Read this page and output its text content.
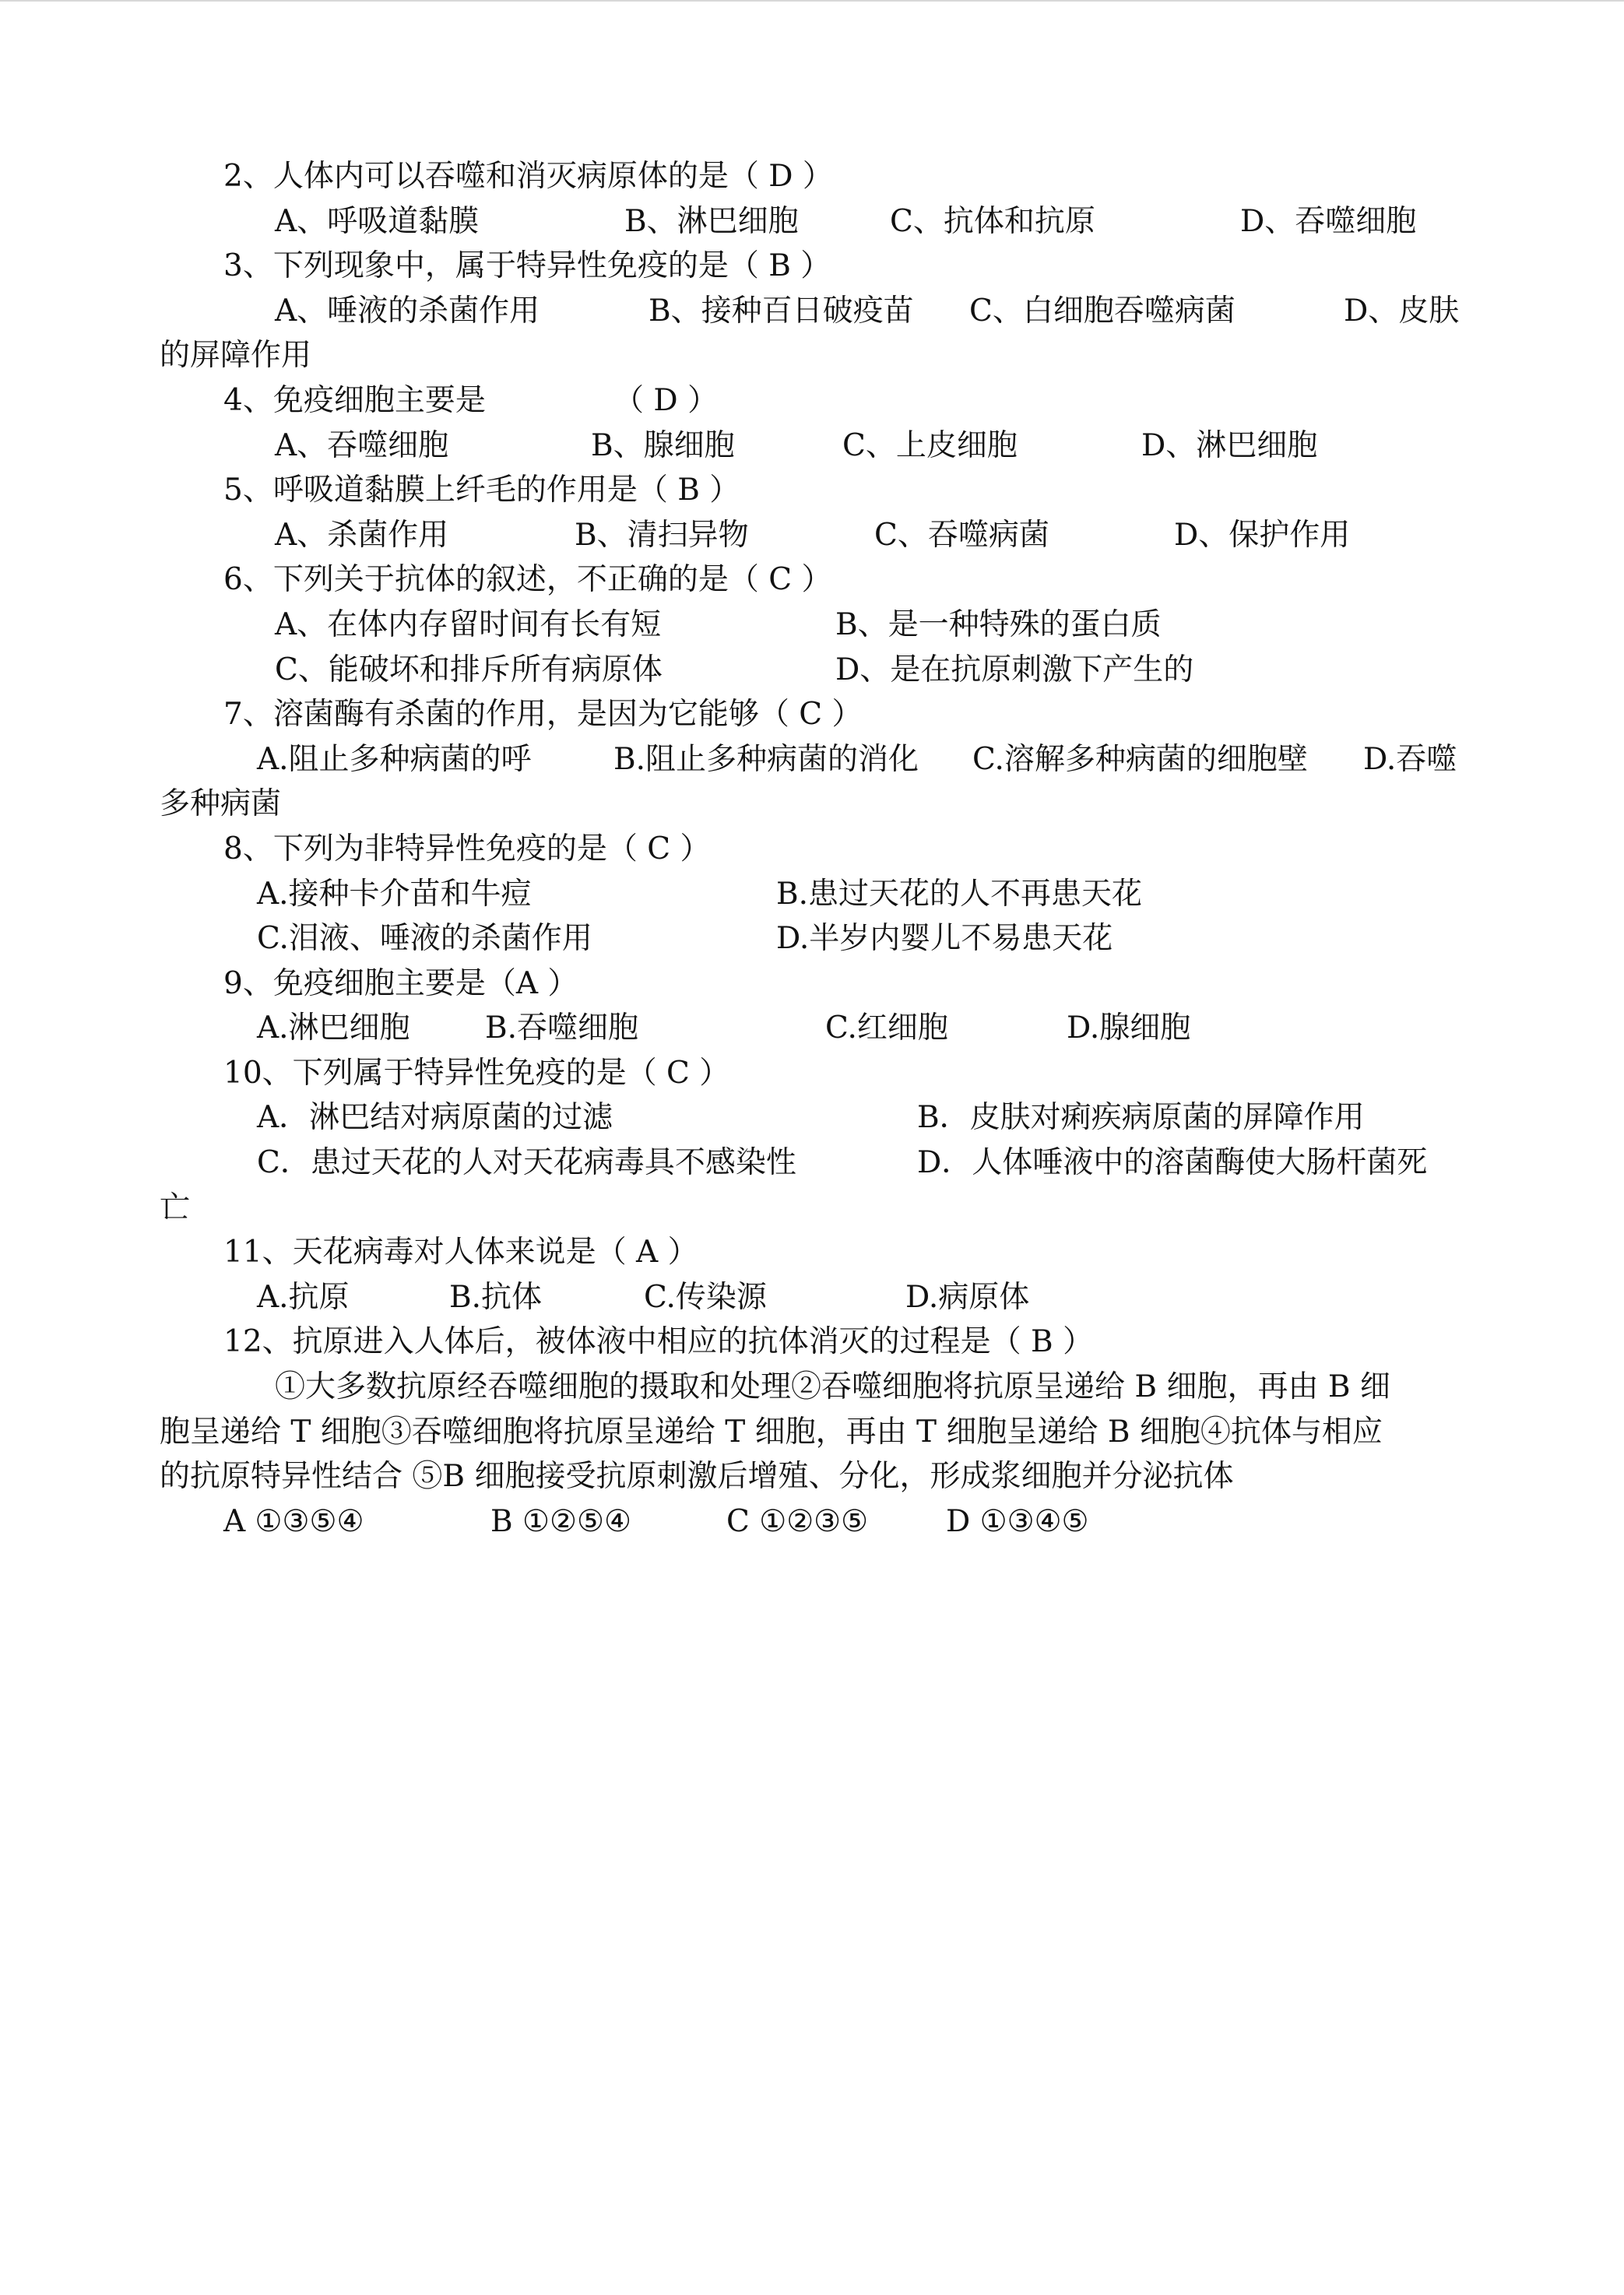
2、人体内可以吞噬和消灭病原体的是（ D ）
A、呼吸道黏膜	B、淋巴细胞	C、抗体和抗原	D、吞噬细胞
3、下列现象中，属于特异性免疫的是（ B ）
A、唾液的杀菌作用	B、接种百日破疫苗 C、白细胞吞噬病菌	D、皮肤
的屏障作用
4、免疫细胞主要是	（ D ）
A、吞噬细胞	B、腺细胞	C、上皮细胞	D、淋巴细胞
5、呼吸道黏膜上纤毛的作用是（ B ）
A、杀菌作用	B、清扫异物	C、吞噬病菌	D、保护作用
6、下列关于抗体的叙述，不正确的是（ C ）
A、在体内存留时间有长有短	B、是一种特殊的蛋白质
C、能破坏和排斥所有病原体	D、是在抗原刺激下产生的
7、溶菌酶有杀菌的作用，是因为它能够（ C ）
A.阻止多种病菌的呼	B.阻止多种病菌的消化 C.溶解多种病菌的细胞壁 D.吞噬
多种病菌
8、下列为非特异性免疫的是（ C ）
A.接种卡介苗和牛痘	B.患过天花的人不再患天花
C.泪液、唾液的杀菌作用	D.半岁内婴儿不易患天花
9、免疫细胞主要是（A ）
A.淋巴细胞 B.吞噬细胞	C.红细胞	D.腺细胞
10、下列属于特异性免疫的是（ C ）
A．淋巴结对病原菌的过滤	B．皮肤对痢疾病原菌的屏障作用
C．患过天花的人对天花病毒具不感染性	D．人体唾液中的溶菌酶使大肠杆菌死
亡
11、天花病毒对人体来说是（ A ）
A.抗原	B.抗体	C.传染源	D.病原体
12、抗原进入人体后，被体液中相应的抗体消灭的过程是（ B ）
①大多数抗原经吞噬细胞的摄取和处理②吞噬细胞将抗原呈递给 B 细胞，再由 B 细
胞呈递给 T 细胞③吞噬细胞将抗原呈递给 T 细胞，再由 T 细胞呈递给 B 细胞④抗体与相应
的抗原特异性结合 ⑤B 细胞接受抗原刺激后增殖、分化，形成浆细胞并分泌抗体
A ①③⑤④	B ①②⑤④	C ①②③⑤	D ①③④⑤
